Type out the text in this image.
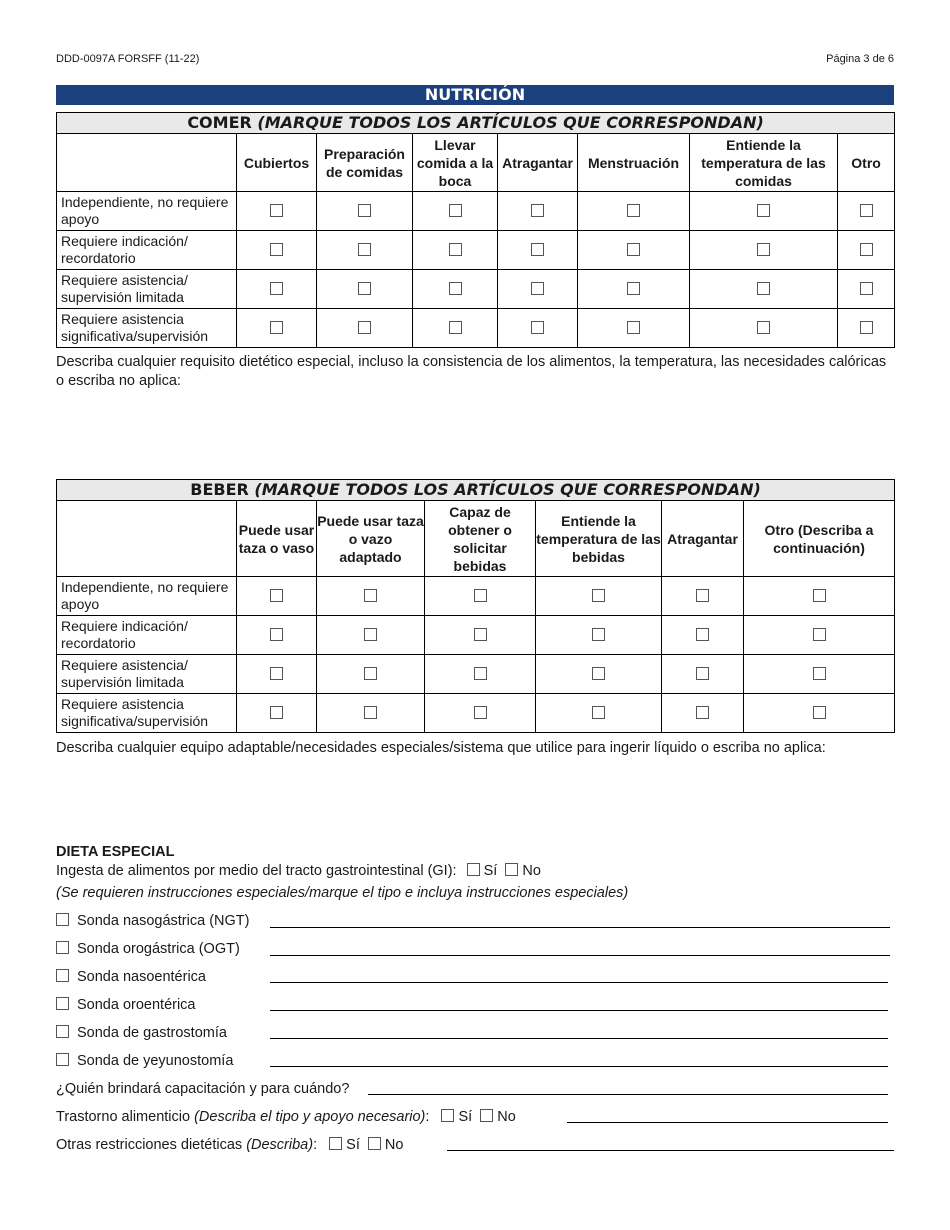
DDD-0097A FORSFF (11-22)	Página 3 de 6
NUTRICIÓN
COMER (MARQUE TODOS LOS ARTÍCULOS QUE CORRESPONDAN)							
	Cubiertos	Preparación de comidas	Llevar comida a la boca	Atragantar	Menstruación	Entiende la temperatura de las comidas	Otro
Independiente, no requiere apoyo							
Requiere indicación/ recordatorio							
Requiere asistencia/ supervisión limitada							
Requiere asistencia significativa/supervisión							
Describa cualquier requisito dietético especial, incluso la consistencia de los alimentos, la temperatura, las necesidades calóricas o escriba no aplica:
BEBER (MARQUE TODOS LOS ARTÍCULOS QUE CORRESPONDAN)						
	Puede usar taza o vaso	Puede usar taza o vazo adaptado	Capaz de obtener o solicitar bebidas	Entiende la temperatura de las bebidas	Atragantar	Otro (Describa a continuación)
Independiente, no requiere apoyo						
Requiere indicación/ recordatorio						
Requiere asistencia/ supervisión limitada						
Requiere asistencia significativa/supervisión						
Describa cualquier equipo adaptable/necesidades especiales/sistema que utilice para ingerir líquido o escriba no aplica:
DIETA ESPECIAL
Ingesta de alimentos por medio del tracto gastrointestinal (GI): Sí No
(Se requieren instrucciones especiales/marque el tipo e incluya instrucciones especiales)
Sonda nasogástrica (NGT)
Sonda orogástrica (OGT)
Sonda nasoentérica
Sonda oroentérica
Sonda de gastrostomía
Sonda de yeyunostomía
¿Quién brindará capacitación y para cuándo?
Trastorno alimenticio (Describa el tipo y apoyo necesario):  Sí No
Otras restricciones dietéticas (Describa):  Sí No
